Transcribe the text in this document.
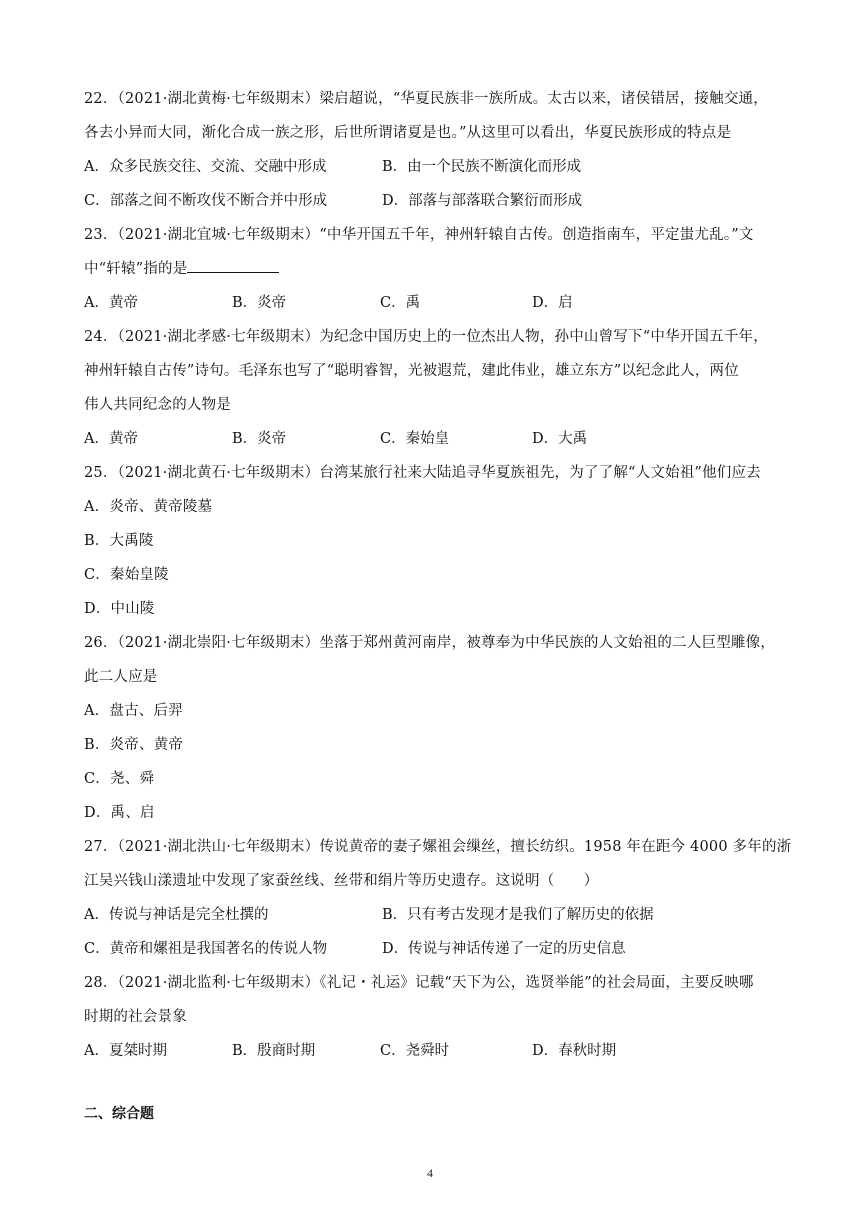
22．（2021·湖北黄梅·七年级期末）梁启超说，“华夏民族非一族所成。太古以来，诸侯错居，接触交通，
各去小异而大同，渐化合成一族之形，后世所谓诸夏是也。”从这里可以看出，华夏民族形成的特点是
A．众多民族交往、交流、交融中形成	B．由一个民族不断演化而形成
C．部落之间不断攻伐不断合并中形成	D．部落与部落联合繁衍而形成
23．（2021·湖北宜城·七年级期末）“中华开国五千年，神州轩辕自古传。创造指南车，平定蚩尤乱。”文
中“轩辕”指的是
A．黄帝	B．炎帝	C．禹	D．启
24．（2021·湖北孝感·七年级期末）为纪念中国历史上的一位杰出人物，孙中山曾写下“中华开国五千年，
神州轩辕自古传”诗句。毛泽东也写了“聪明睿智，光被遐荒，建此伟业，雄立东方”以纪念此人，两位
伟人共同纪念的人物是
A．黄帝	B．炎帝	C．秦始皇	D．大禹
25．（2021·湖北黄石·七年级期末）台湾某旅行社来大陆追寻华夏族祖先，为了了解“人文始祖”他们应去
A．炎帝、黄帝陵墓
B．大禹陵
C．秦始皇陵
D．中山陵
26．（2021·湖北崇阳·七年级期末）坐落于郑州黄河南岸，被尊奉为中华民族的人文始祖的二人巨型雕像，
此二人应是
A．盘古、后羿
B．炎帝、黄帝
C．尧、舜
D．禹、启
27．（2021·湖北洪山·七年级期末）传说黄帝的妻子嫘祖会缫丝，擅长纺织。1958 年在距今 4000 多年的浙
江吴兴钱山漾遗址中发现了家蚕丝线、丝带和绢片等历史遗存。这说明（　　）
A．传说与神话是完全杜撰的	B．只有考古发现才是我们了解历史的依据
C．黄帝和嫘祖是我国著名的传说人物	D．传说与神话传递了一定的历史信息
28．（2021·湖北监利·七年级期末）《礼记・礼运》记载“天下为公，选贤举能”的社会局面，主要反映哪
时期的社会景象
A．夏桀时期	B．殷商时期	C．尧舜时	D．春秋时期
二、综合题
4
